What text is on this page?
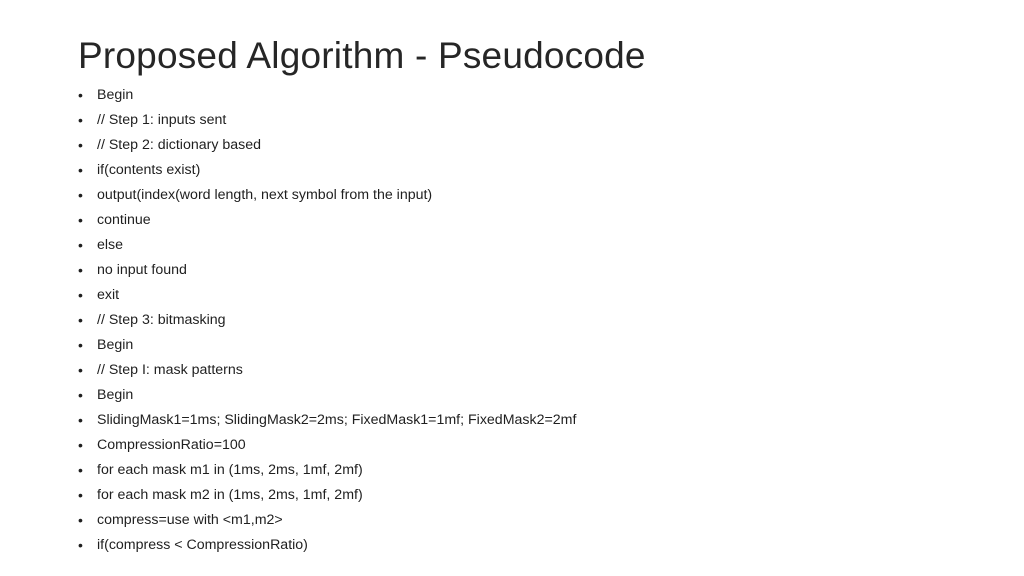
Proposed Algorithm - Pseudocode
• Begin
• // Step 1: inputs sent
• // Step 2: dictionary based
• if(contents exist)
• output(index(word length, next symbol from the input)
• continue
• else
• no input found
• exit
• // Step 3: bitmasking
• Begin
• // Step I: mask patterns
• Begin
• SlidingMask1=1ms; SlidingMask2=2ms; FixedMask1=1mf; FixedMask2=2mf
• CompressionRatio=100
• for each mask m1 in (1ms, 2ms, 1mf, 2mf)
• for each mask m2 in (1ms, 2ms, 1mf, 2mf)
• compress=use with <m1,m2>
• if(compress < CompressionRatio)
